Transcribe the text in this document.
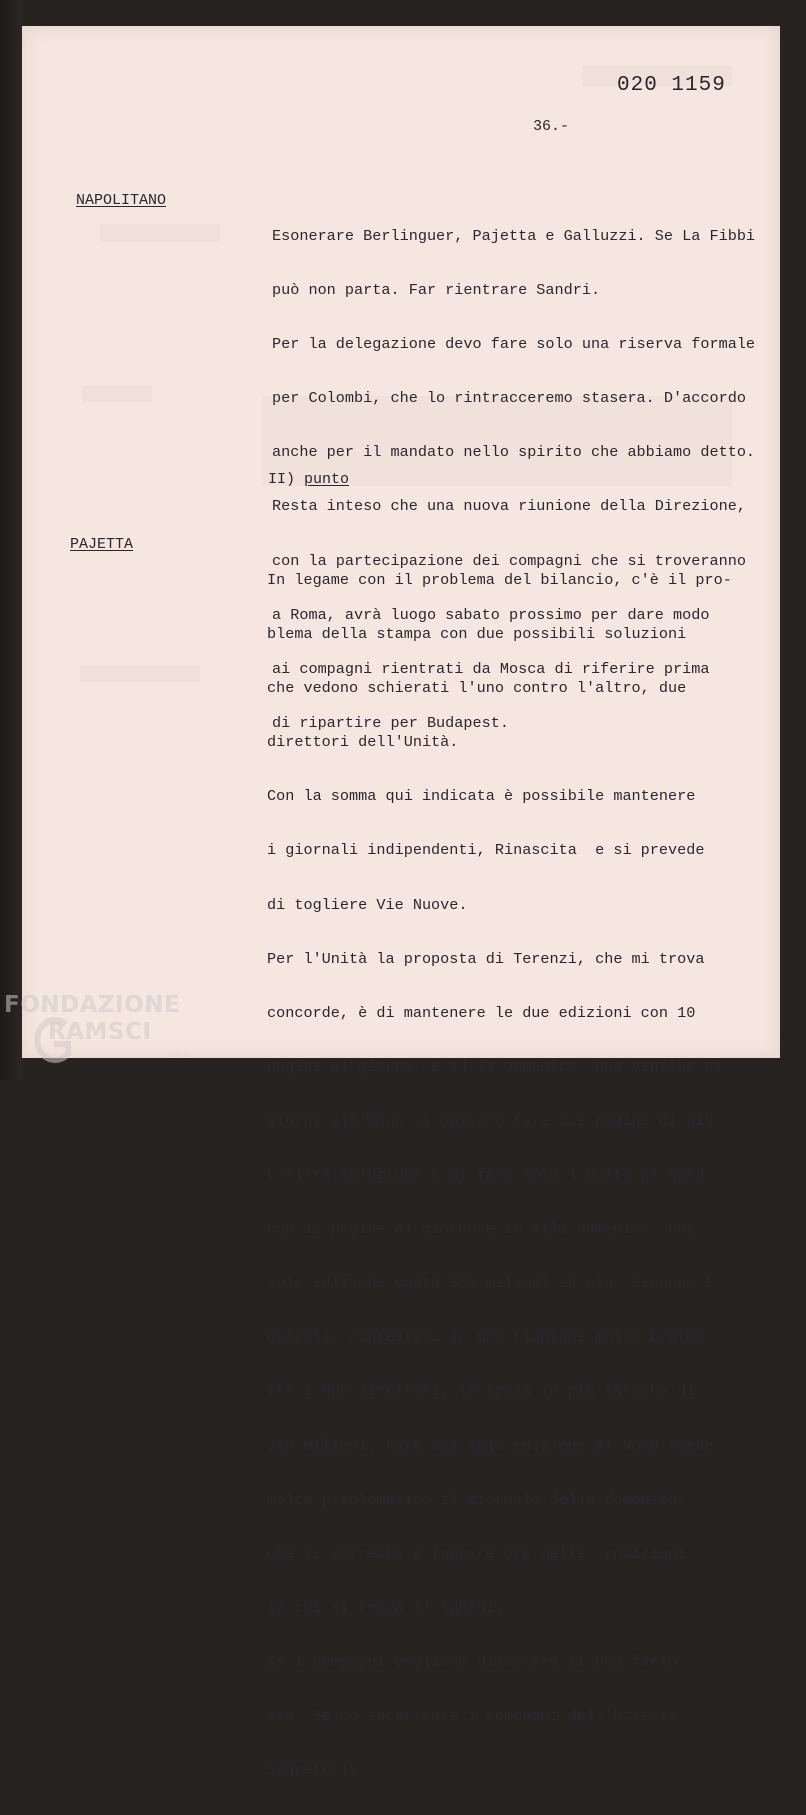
020 1159
36.-
NAPOLITANO

Esonerare Berlinguer, Pajetta e Galluzzi. Se La Fibbi

può non parta. Far rientrare Sandri.

Per la delegazione devo fare solo una riserva formale

per Colombi, che lo rintracceremo stasera. D'accordo

anche per il mandato nello spirito che abbiamo detto.

Resta inteso che una nuova riunione della Direzione,

con la partecipazione dei compagni che si troveranno

a Roma, avrà luogo sabato prossimo per dare modo

ai compagni rientrati da Mosca di riferire prima

di ripartire per Budapest.

II) punto
PAJETTA

In legame con il problema del bilancio, c'è il pro-

blema della stampa con due possibili soluzioni

che vedono schierati l'uno contro l'altro, due

direttori dell'Unità.

Con la somma qui indicata è possibile mantenere

i giornali indipendenti, Rinascita  e si prevede

di togliere Vie Nuove.

Per l'Unità la proposta di Terenzi, che mi trova

concorde, è di mantenere le due edizioni con 10

pagine al giorno, e 14 la domenica. Una ventina di

giorni all'anno si possono fare due pagine di più.

L'altra soluzione è di fare solo l'Unità al Nord

con 12 pagine al giorno e 16 alla domenica. Una

sola edizione costa 300 milioni in più. Secondo i

calcoli, contestati in una riunione molto brutta

tra i due direttori, la spesa in più sarebbe di

250 milioni. Fare una sola edizione al Nord rende

molto problematico il giornale della domenica,

che si verrebbe a trovare ora nelle condizioni

in cui si trova il lunedì.

Se i compagni vogliono discutere si può farlo

ora. Se no incaricare i compagni dell'Ufficio

Segreteria.

FONDAZIONE
RAMSCI
onlus
